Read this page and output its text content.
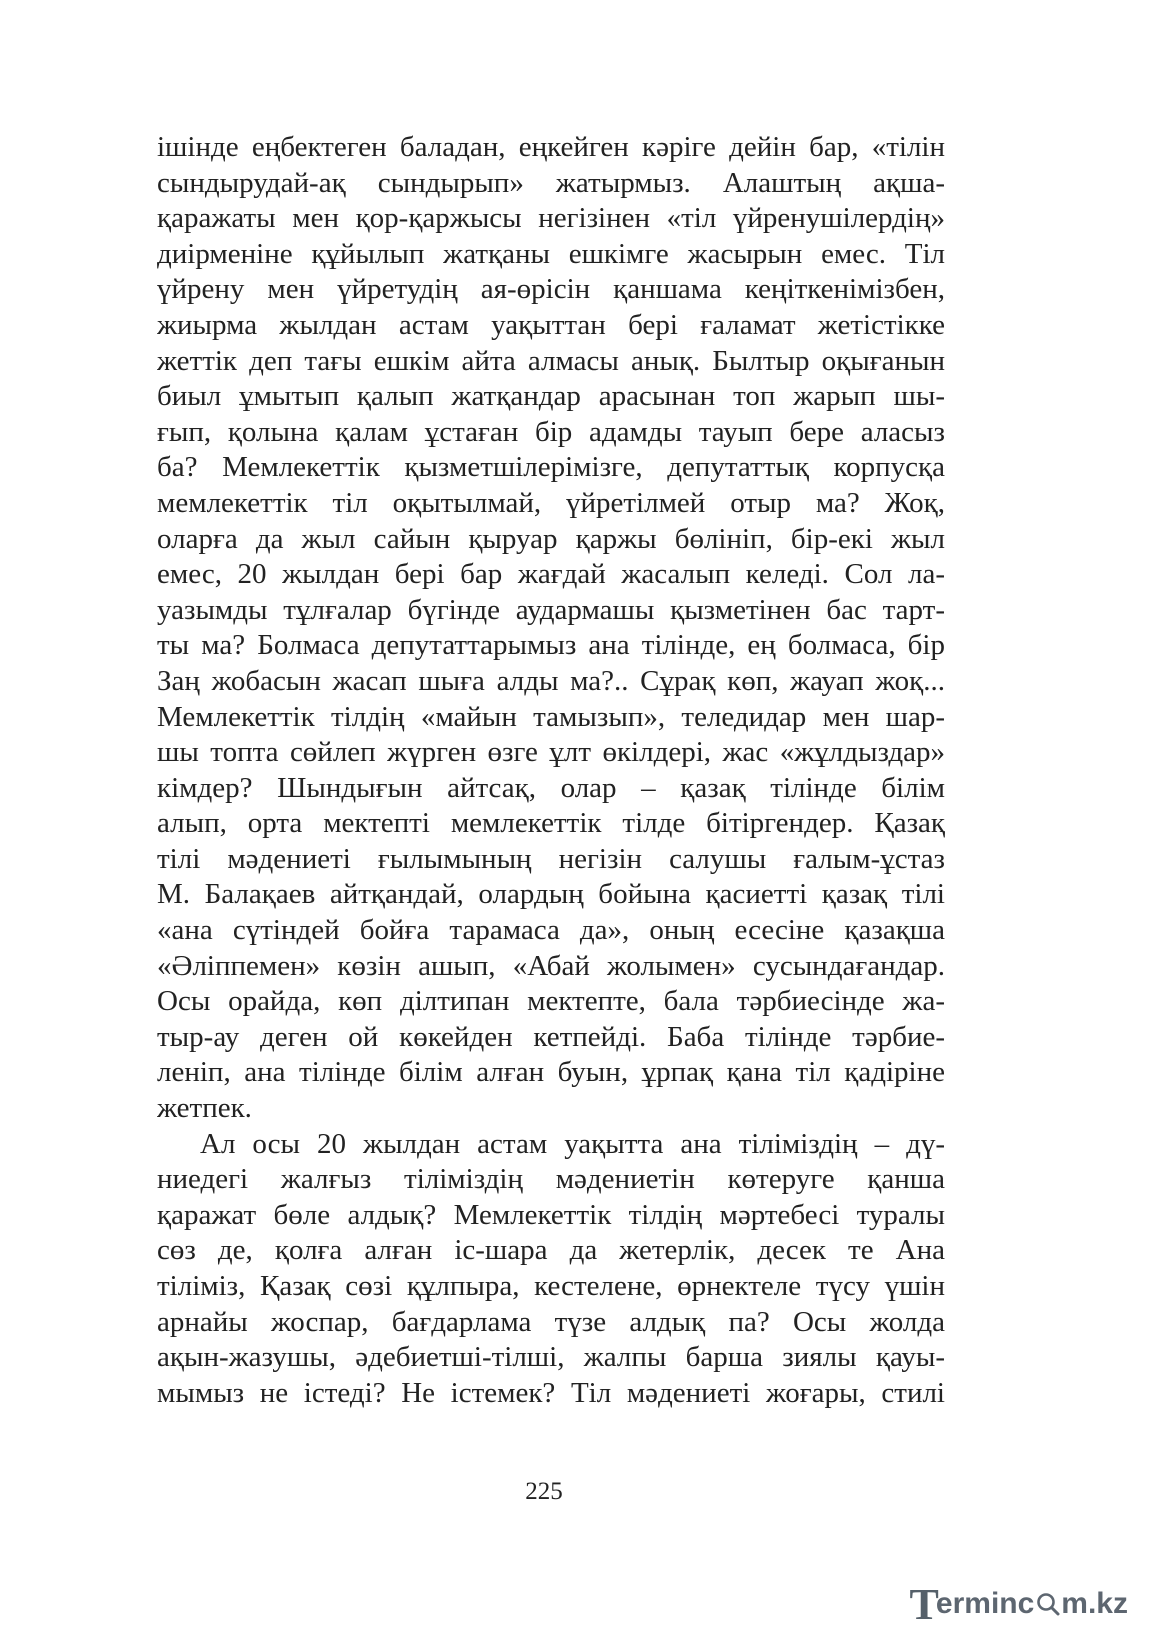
ішінде еңбектеген баладан, еңкейген кәріге дейін бар, «тілін
сындырудай-ақ сындырып» жатырмыз. Алаштың ақша-
қаражаты мен қор-қаржысы негізінен «тіл үйренушілердің»
диірменіне құйылып жатқаны ешкімге жасырын емес. Тіл
үйрену мен үйретудің ая-өрісін қаншама кеңіткенімізбен,
жиырма жылдан астам уақыттан бері ғаламат жетістікке
жеттік деп тағы ешкім айта алмасы анық. Былтыр оқығанын
биыл ұмытып қалып жатқандар арасынан топ жарып шы-
ғып, қолына қалам ұстаған бір адамды тауып бере аласыз
ба? Мемлекеттік қызметшілерімізге, депутаттық корпусқа
мемлекеттік тіл оқытылмай, үйретілмей отыр ма? Жоқ,
оларға да жыл сайын қыруар қаржы бөлініп, бір-екі жыл
емес, 20 жылдан бері бар жағдай жасалып келеді. Сол ла-
уазымды тұлғалар бүгінде аудармашы қызметінен бас тарт-
ты ма? Болмаса депутаттарымыз ана тілінде, ең болмаса, бір
Заң жобасын жасап шыға алды ма?.. Сұрақ көп, жауап жоқ...
Мемлекеттік тілдің «майын тамызып», теледидар мен шар-
шы топта сөйлеп жүрген өзге ұлт өкілдері, жас «жұлдыздар»
кімдер? Шындығын айтсақ, олар – қазақ тілінде білім
алып, орта мектепті мемлекеттік тілде бітіргендер. Қазақ
тілі мәдениеті ғылымының негізін салушы ғалым-ұстаз
М. Балақаев айтқандай, олардың бойына қасиетті қазақ тілі
«ана сүтіндей бойға тарамаса да», оның есесіне қазақша
«Әліппемен» көзін ашып, «Абай жолымен» сусындағандар.
Осы орайда, көп ділтипан мектепте, бала тәрбиесінде жа-
тыр-ау деген ой көкейден кетпейді. Баба тілінде тәрбие-
леніп, ана тілінде білім алған буын, ұрпақ қана тіл қадіріне
жетпек.
Ал осы 20 жылдан астам уақытта ана тіліміздің – дү-
ниедегі жалғыз тіліміздің мәдениетін көтеруге қанша
қаражат бөле алдық? Мемлекеттік тілдің мәртебесі туралы
сөз де, қолға алған іс-шара да жетерлік, десек те Ана
тіліміз, Қазақ сөзі құлпыра, кестелене, өрнектеле түсу үшін
арнайы жоспар, бағдарлама түзе алдық па? Осы жолда
ақын-жазушы, әдебиетші-тілші, жалпы барша зиялы қауы-
мымыз не істеді? Не істемек? Тіл мәдениеті жоғары, стилі
225
T
erminc m.kz
